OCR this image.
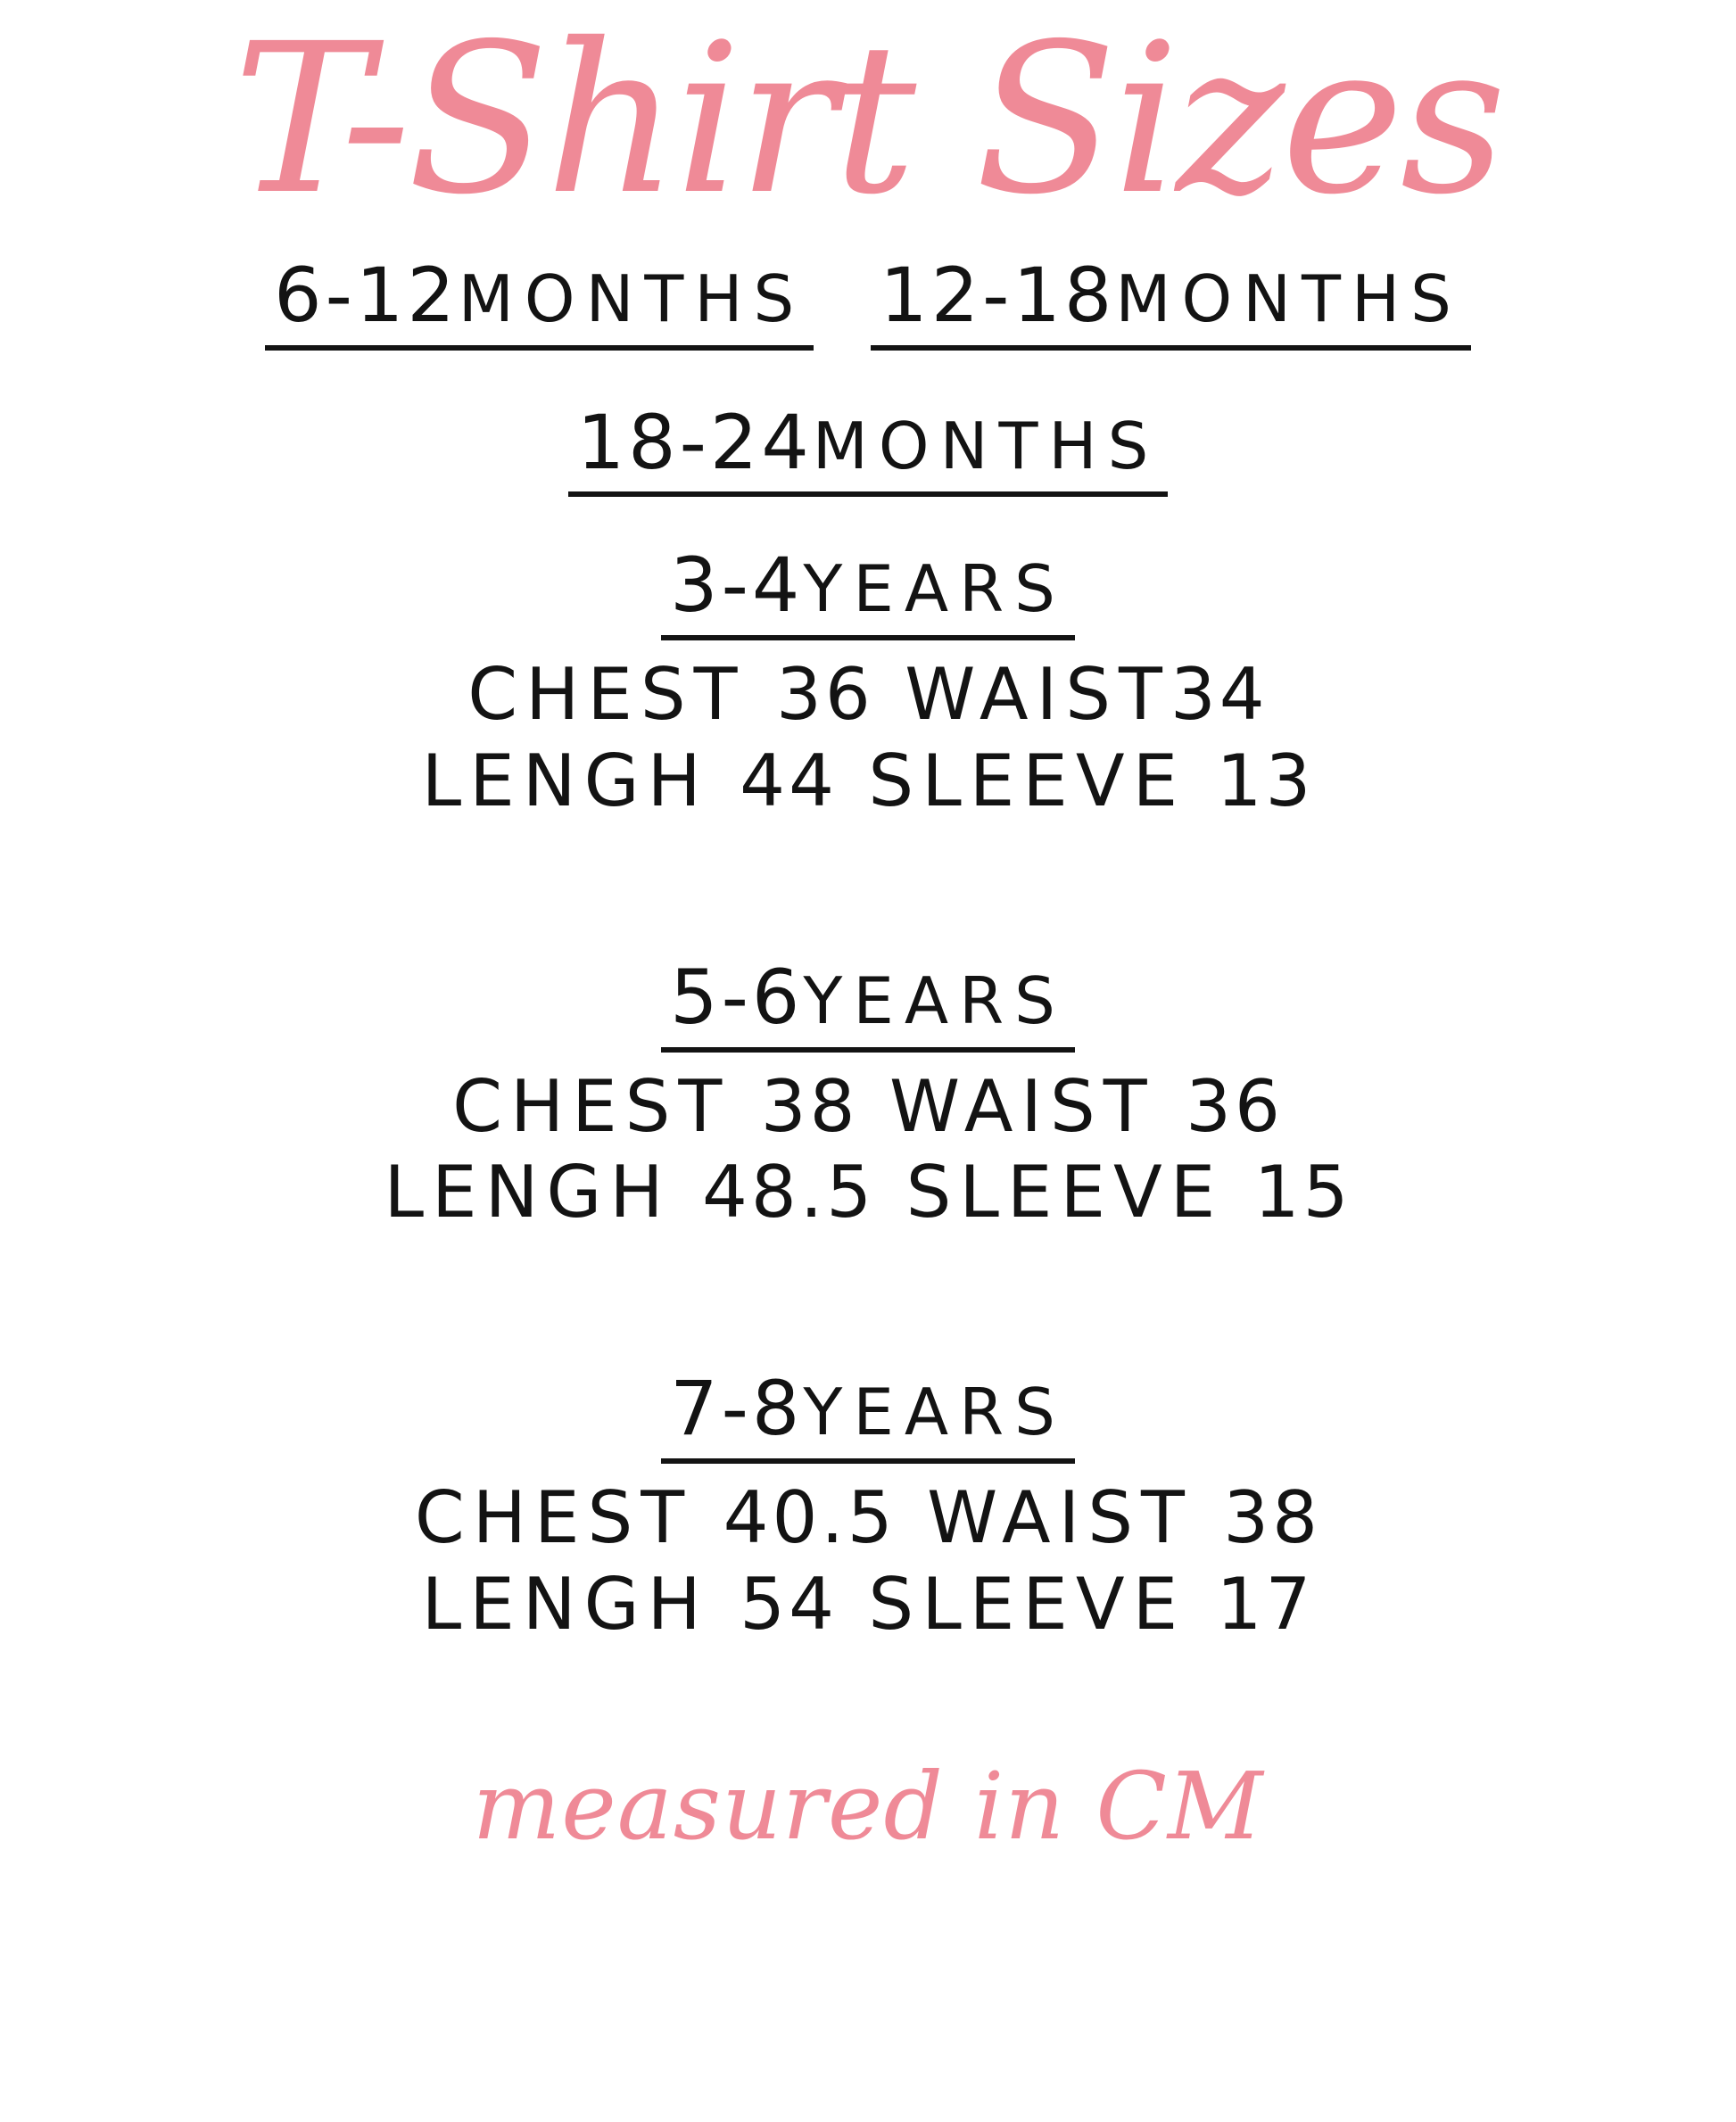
T-Shirt Sizes
6-12MONTHS 12-18MONTHS
18-24MONTHS
3-4YEARS
CHEST 36 WAIST34
LENGH 44 SLEEVE 13
5-6YEARS
CHEST 38 WAIST 36
LENGH 48.5 SLEEVE 15
7-8YEARS
CHEST 40.5 WAIST 38
LENGH 54 SLEEVE 17
measured in CM
